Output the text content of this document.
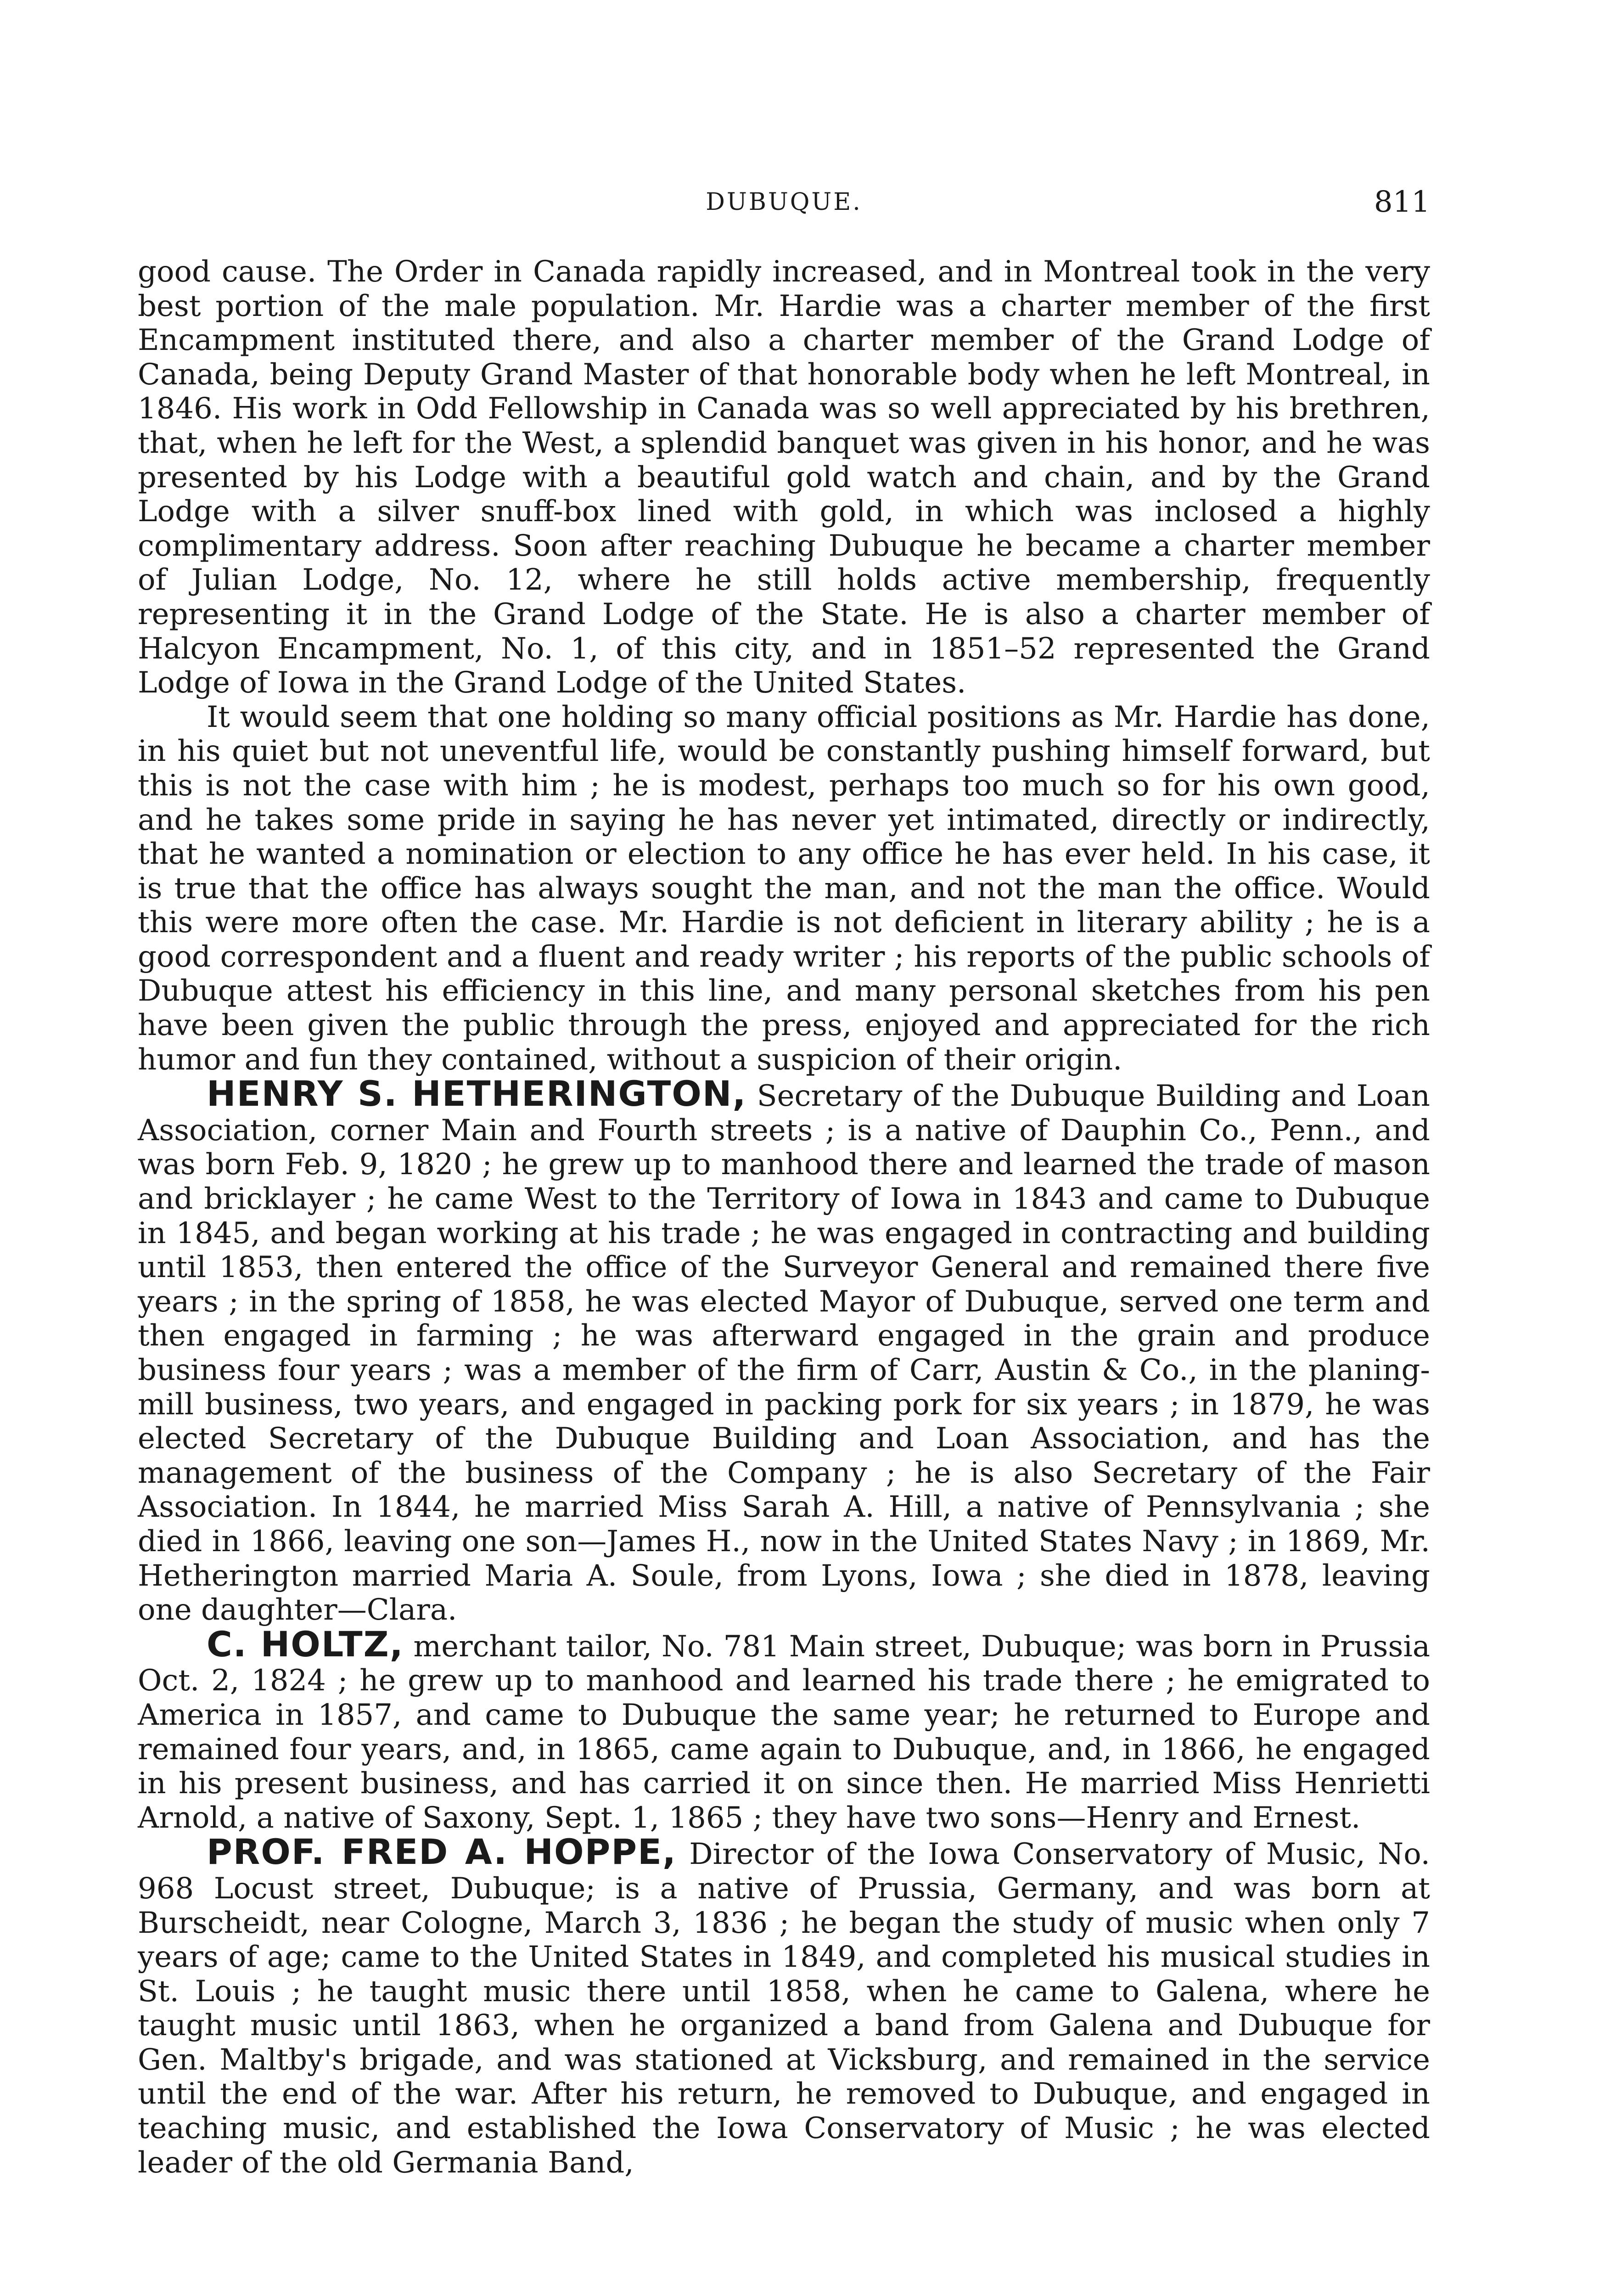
DUBUQUE.	811

good cause. The Order in Canada rapidly increased, and in Montreal took in the very best portion of the male population. Mr. Hardie was a charter member of the first Encampment instituted there, and also a charter member of the Grand Lodge of Canada, being Deputy Grand Master of that honorable body when he left Montreal, in 1846. His work in Odd Fellowship in Canada was so well appreciated by his brethren, that, when he left for the West, a splendid banquet was given in his honor, and he was presented by his Lodge with a beautiful gold watch and chain, and by the Grand Lodge with a silver snuff-box lined with gold, in which was inclosed a highly complimentary address. Soon after reaching Dubuque he became a charter member of Julian Lodge, No. 12, where he still holds active membership, frequently representing it in the Grand Lodge of the State. He is also a charter member of Halcyon Encampment, No. 1, of this city, and in 1851–52 represented the Grand Lodge of Iowa in the Grand Lodge of the United States.

It would seem that one holding so many official positions as Mr. Hardie has done, in his quiet but not uneventful life, would be constantly pushing himself forward, but this is not the case with him ; he is modest, perhaps too much so for his own good, and he takes some pride in saying he has never yet intimated, directly or indirectly, that he wanted a nomination or election to any office he has ever held. In his case, it is true that the office has always sought the man, and not the man the office. Would this were more often the case. Mr. Hardie is not deficient in literary ability ; he is a good correspondent and a fluent and ready writer ; his reports of the public schools of Dubuque attest his efficiency in this line, and many personal sketches from his pen have been given the public through the press, enjoyed and appreciated for the rich humor and fun they contained, without a suspicion of their origin.

HENRY S. HETHERINGTON, Secretary of the Dubuque Building and Loan Association, corner Main and Fourth streets ; is a native of Dauphin Co., Penn., and was born Feb. 9, 1820 ; he grew up to manhood there and learned the trade of mason and bricklayer ; he came West to the Territory of Iowa in 1843 and came to Dubuque in 1845, and began working at his trade ; he was engaged in contracting and building until 1853, then entered the office of the Surveyor General and remained there five years ; in the spring of 1858, he was elected Mayor of Dubuque, served one term and then engaged in farming ; he was afterward engaged in the grain and produce business four years ; was a member of the firm of Carr, Austin & Co., in the planing-mill business, two years, and engaged in packing pork for six years ; in 1879, he was elected Secretary of the Dubuque Building and Loan Association, and has the management of the business of the Company ; he is also Secretary of the Fair Association. In 1844, he married Miss Sarah A. Hill, a native of Pennsylvania ; she died in 1866, leaving one son—James H., now in the United States Navy ; in 1869, Mr. Hetherington married Maria A. Soule, from Lyons, Iowa ; she died in 1878, leaving one daughter—Clara.

C. HOLTZ, merchant tailor, No. 781 Main street, Dubuque; was born in Prussia Oct. 2, 1824 ; he grew up to manhood and learned his trade there ; he emigrated to America in 1857, and came to Dubuque the same year; he returned to Europe and remained four years, and, in 1865, came again to Dubuque, and, in 1866, he engaged in his present business, and has carried it on since then. He married Miss Henrietti Arnold, a native of Saxony, Sept. 1, 1865 ; they have two sons—Henry and Ernest.

PROF. FRED A. HOPPE, Director of the Iowa Conservatory of Music, No. 968 Locust street, Dubuque; is a native of Prussia, Germany, and was born at Burscheidt, near Cologne, March 3, 1836 ; he began the study of music when only 7 years of age; came to the United States in 1849, and completed his musical studies in St. Louis ; he taught music there until 1858, when he came to Galena, where he taught music until 1863, when he organized a band from Galena and Dubuque for Gen. Maltby's brigade, and was stationed at Vicksburg, and remained in the service until the end of the war. After his return, he removed to Dubuque, and engaged in teaching music, and established the Iowa Conservatory of Music ; he was elected leader of the old Germania Band,
